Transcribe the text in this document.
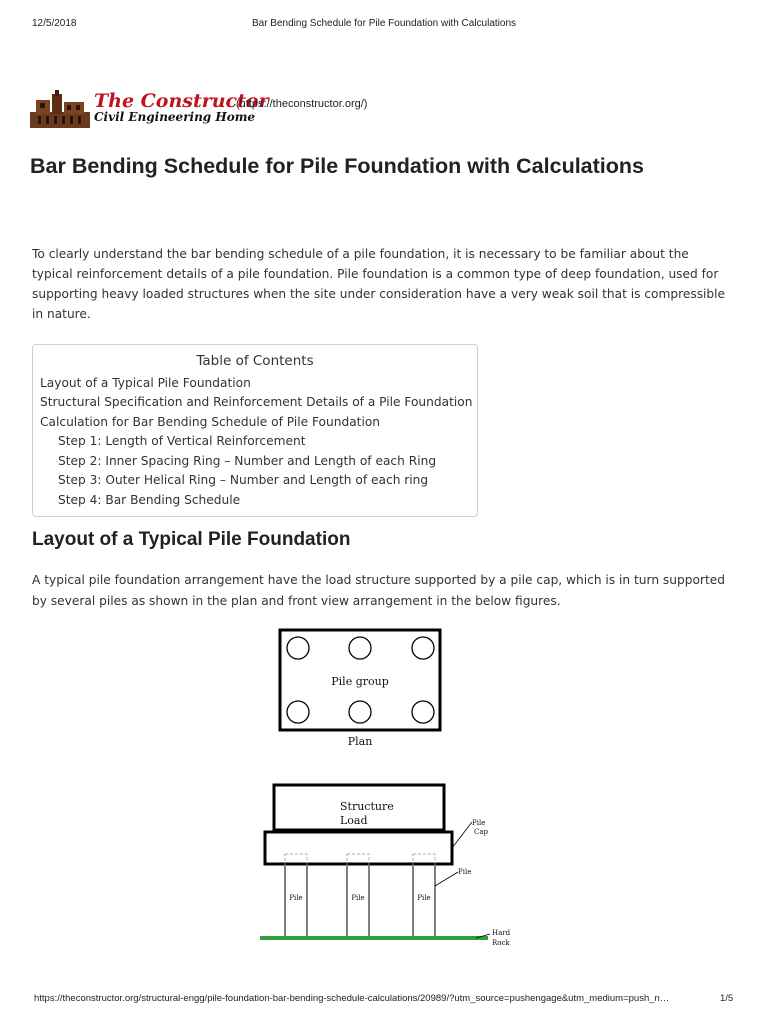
12/5/2018	Bar Bending Schedule for Pile Foundation with Calculations
The Constructor
(https://theconstructor.org/)
Civil Engineering Home
Bar Bending Schedule for Pile Foundation with Calculations

To clearly understand the bar bending schedule of a pile foundation, it is necessary to be familiar about the typical reinforcement details of a pile foundation. Pile foundation is a common type of deep foundation, used for supporting heavy loaded structures when the site under consideration have a very weak soil that is compressible in nature.

Table of Contents
Layout of a Typical Pile Foundation
Structural Specification and Reinforcement Details of a Pile Foundation
Calculation for Bar Bending Schedule of Pile Foundation
Step 1: Length of Vertical Reinforcement
Step 2: Inner Spacing Ring – Number and Length of each Ring
Step 3: Outer Helical Ring – Number and Length of each ring
Step 4: Bar Bending Schedule
Layout of a Typical Pile Foundation

A typical pile foundation arrangement have the load structure supported by a pile cap, which is in turn supported by several piles as shown in the plan and front view arrangement in the below figures.

Pile group
Plan
Structure
Load
Pile	Pile	Pile
Pile
Cap
Pile
Hard
Rock
https://theconstructor.org/structural-engg/pile-foundation-bar-bending-schedule-calculations/20989/?utm_source=pushengage&utm_medium=push_n…	1/5
